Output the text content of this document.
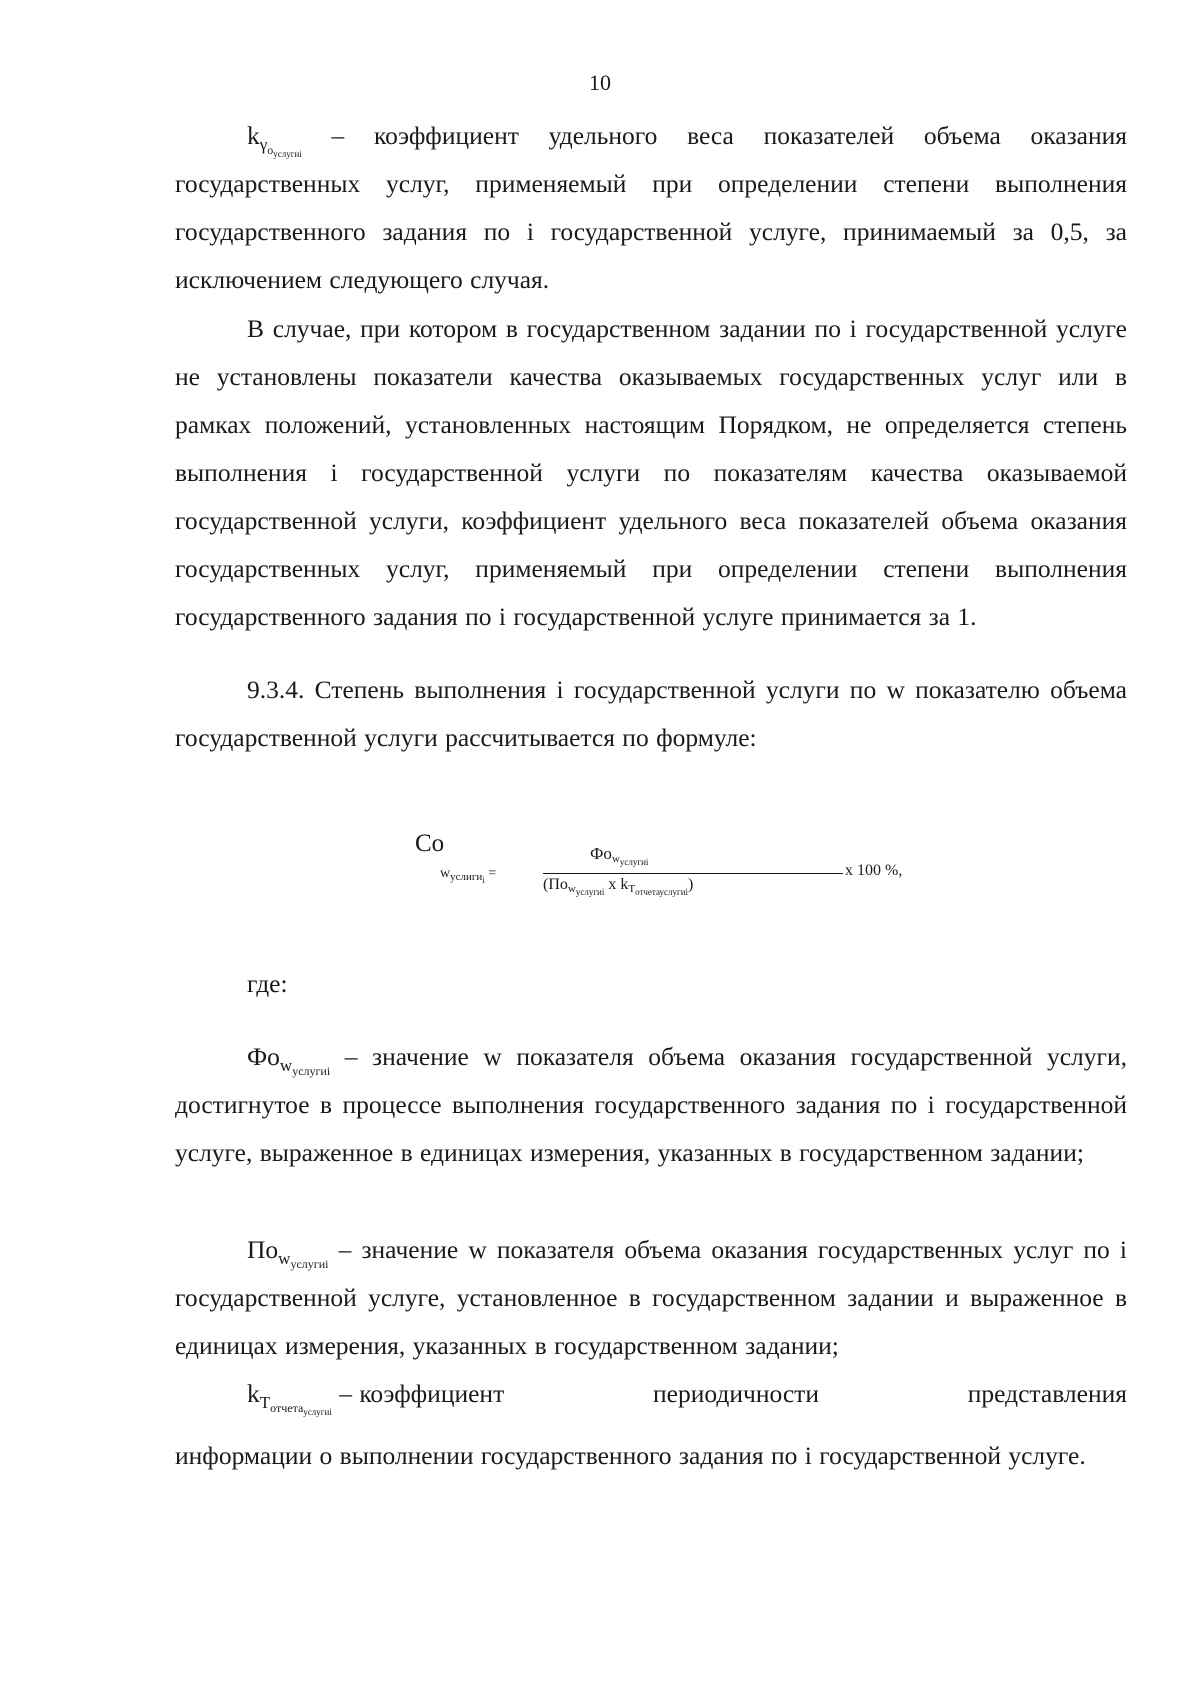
10
$k_{\gamma_{о_{услугиi}}}$ – коэффициент удельного веса показателей объема оказания государственных услуг, применяемый при определении степени выполнения государственного задания по i государственной услуге, принимаемый за 0,5, за исключением следующего случая.
В случае, при котором в государственном задании по i государственной услуге не установлены показатели качества оказываемых государственных услуг или в рамках положений, установленных настоящим Порядком, не определяется степень выполнения i государственной услуги по показателям качества оказываемой государственной услуги, коэффициент удельного веса показателей объема оказания государственных услуг, применяемый при определении степени выполнения государственного задания по i государственной услуге принимается за 1.
9.3.4. Степень выполнения i государственной услуги по w показателю объема государственной услуги рассчитывается по формуле:
Co
$w_{услиги_i}$ =
$Фо_{w_{услугиi}}$
($По_{w_{услугиi}}$ x $k_{T_{отчетауслугиi}}$)
x 100 %,
где:
$Фо_{w_{услугиi}}$ – значение w показателя объема оказания государственной услуги, достигнутое в процессе выполнения государственного задания по i государственной услуге, выраженное в единицах измерения, указанных в государственном задании;
$По_{w_{услугиi}}$ – значение w показателя объема оказания государственных услуг по i государственной услуге, установленное в государственном задании и выраженное в единицах измерения, указанных в государственном задании;
$k_{T_{отчета_{услугиi}}}$ – коэффициент	периодичности	представления
информации о выполнении государственного задания по i государственной услуге.
